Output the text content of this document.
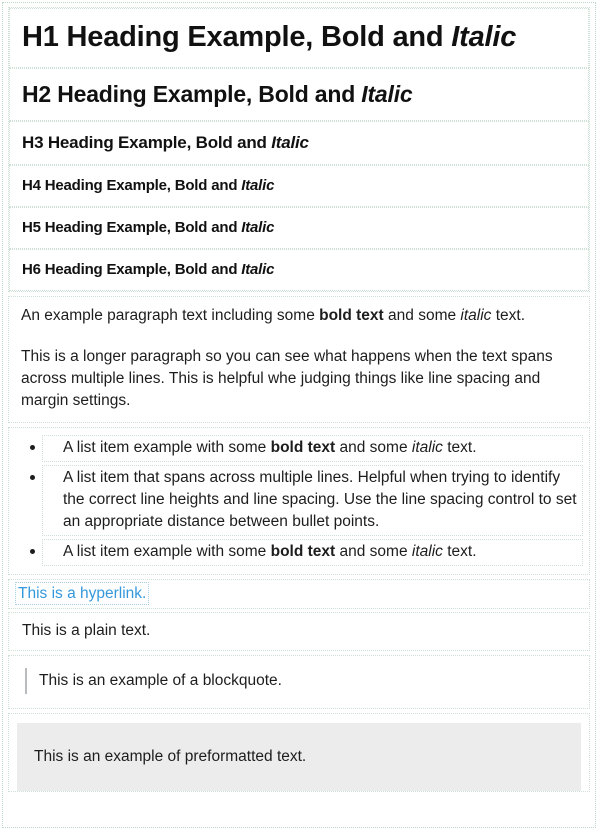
H1 Heading Example, Bold and Italic
H2 Heading Example, Bold and Italic
H3 Heading Example, Bold and Italic
H4 Heading Example, Bold and Italic
H5 Heading Example, Bold and Italic
H6 Heading Example, Bold and Italic

An example paragraph text including some bold text and some italic text.

This is a longer paragraph so you can see what happens when the text spans across multiple lines. This is helpful whe judging things like line spacing and margin settings.

A list item example with some bold text and some italic text.
A list item that spans across multiple lines. Helpful when trying to identify the correct line heights and line spacing. Use the line spacing control to set an appropriate distance between bullet points.
A list item example with some bold text and some italic text.
This is a hyperlink.
This is a plain text.
This is an example of a blockquote.
This is an example of preformatted text.
